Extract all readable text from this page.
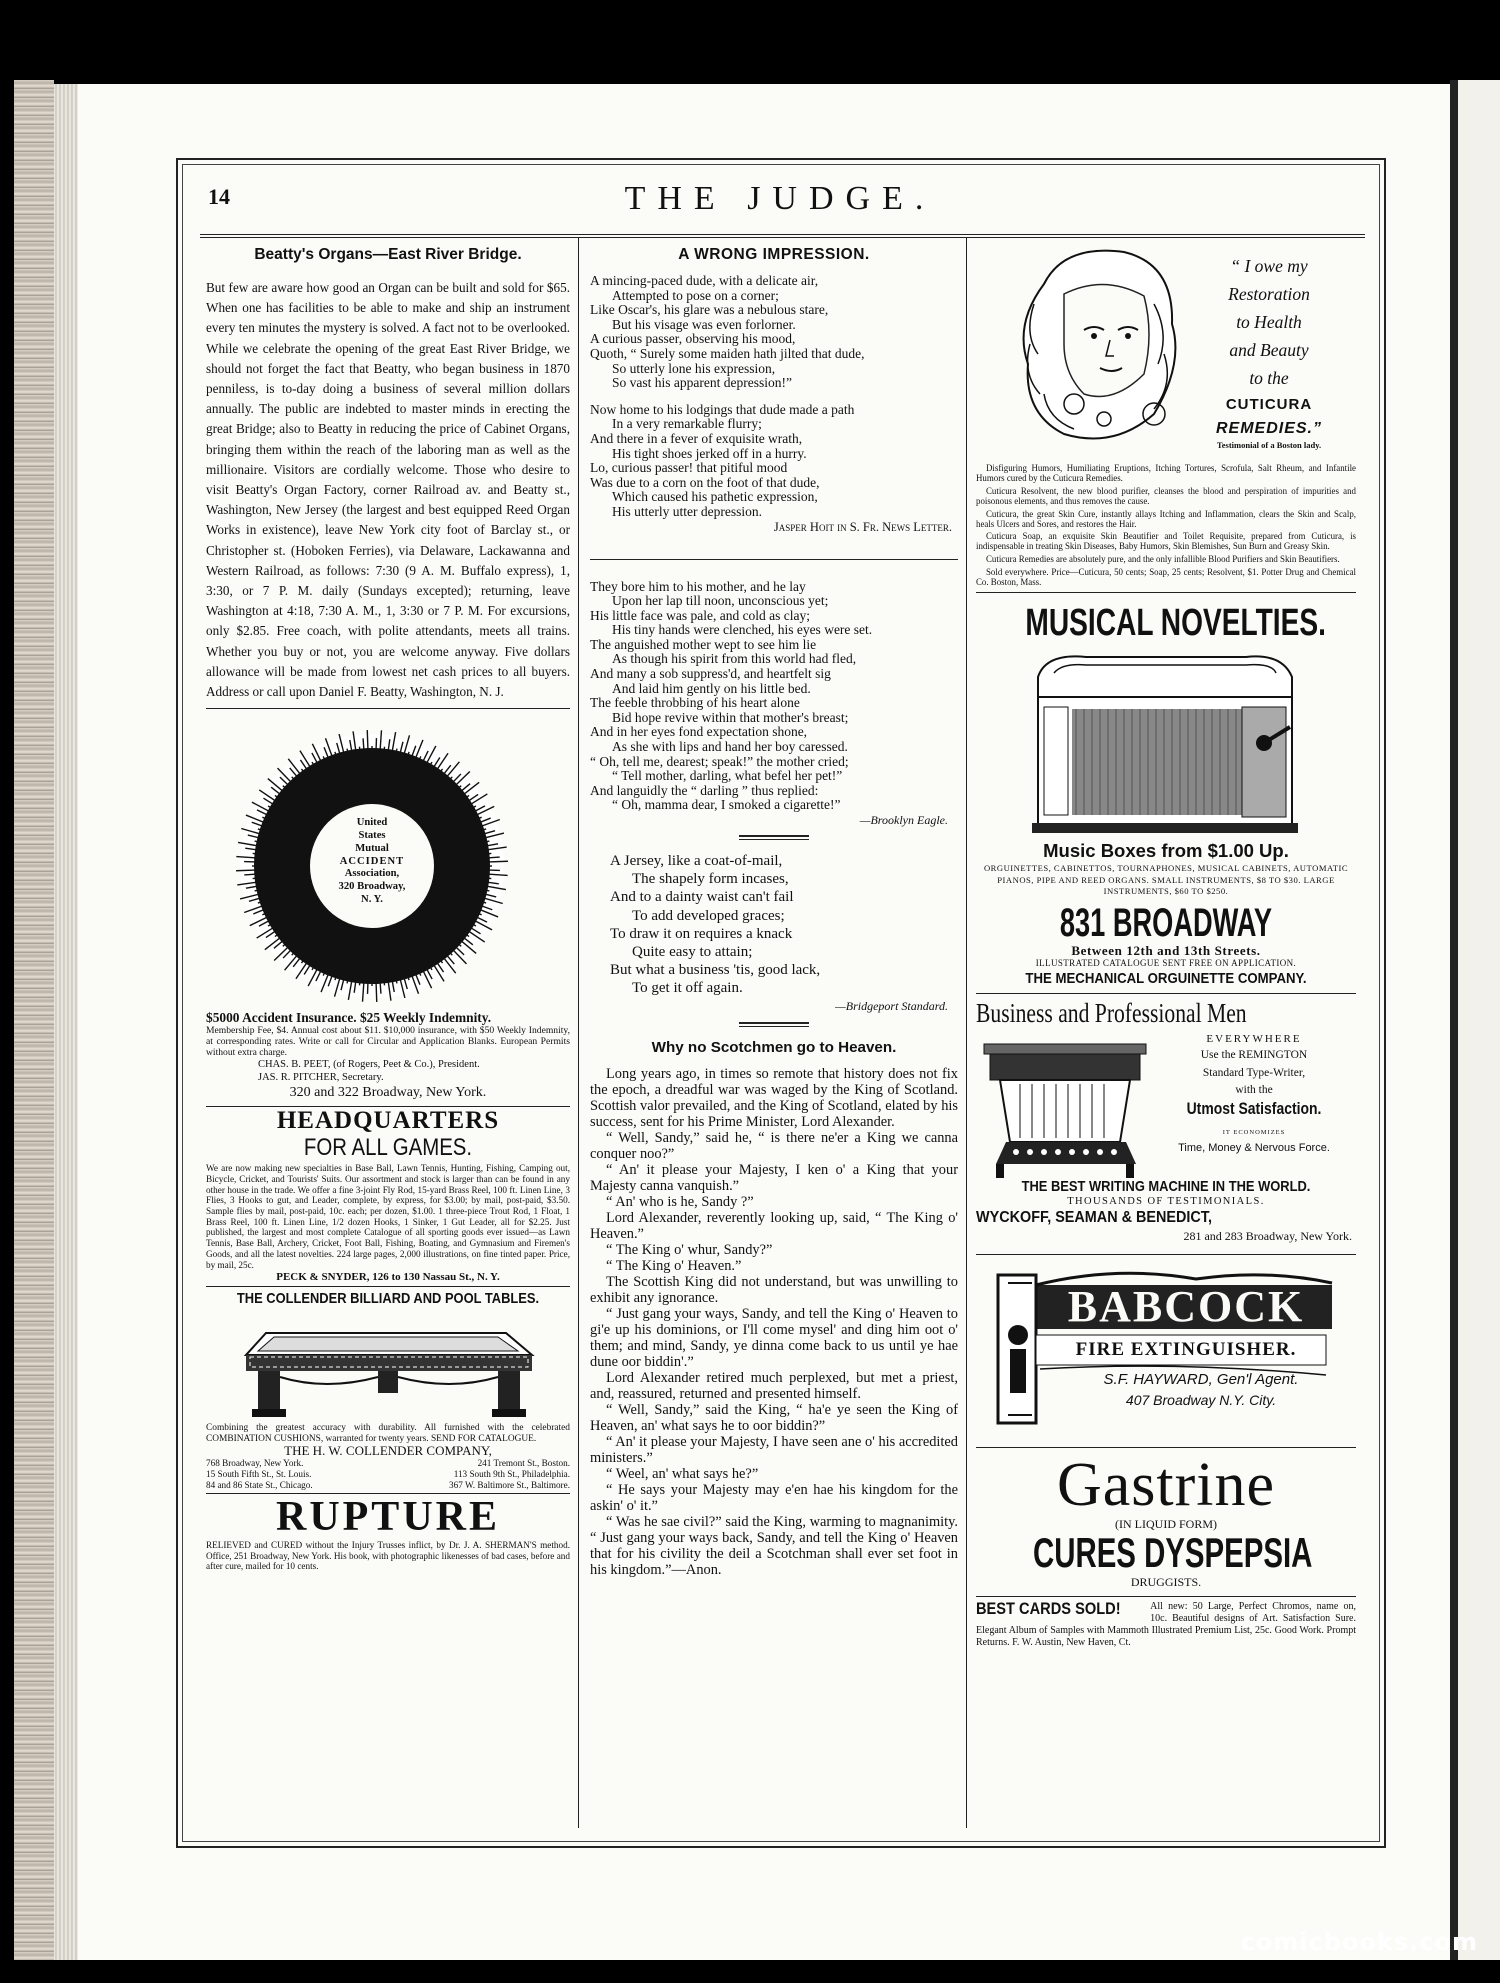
14	THE JUDGE.
Beatty's Organs—East River Bridge.
But few are aware how good an Organ can be built and sold for $65. When one has facilities to be able to make and ship an instrument every ten minutes the mystery is solved. A fact not to be overlooked. While we celebrate the opening of the great East River Bridge, we should not forget the fact that Beatty, who began business in 1870 penniless, is to-day doing a business of several million dollars annually. The public are indebted to master minds in erecting the great Bridge; also to Beatty in reducing the price of Cabinet Organs, bringing them within the reach of the laboring man as well as the millionaire. Visitors are cordially welcome. Those who desire to visit Beatty's Organ Factory, corner Railroad av. and Beatty st., Washington, New Jersey (the largest and best equipped Reed Organ Works in existence), leave New York city foot of Barclay st., or Christopher st. (Hoboken Ferries), via Delaware, Lackawanna and Western Railroad, as follows: 7:30 (9 A. M. Buffalo express), 1, 3:30, or 7 P. M. daily (Sundays excepted); returning, leave Washington at 4:18, 7:30 A. M., 1, 3:30 or 7 P. M. For excursions, only $2.85. Free coach, with polite attendants, meets all trains. Whether you buy or not, you are welcome anyway. Five dollars allowance will be made from lowest net cash prices to all buyers. Address or call upon Daniel F. Beatty, Washington, N. J.
United
States
Mutual
ACCIDENT
Association,
320 Broadway,
N. Y.
$5000 Accident Insurance. $25 Weekly Indemnity.
Membership Fee, $4. Annual cost about $11. $10,000 insurance, with $50 Weekly Indemnity, at corresponding rates. Write or call for Circular and Application Blanks. European Permits without extra charge.
CHAS. B. PEET, (of Rogers, Peet & Co.), President.
JAS. R. PITCHER, Secretary.
320 and 322 Broadway, New York.
HEADQUARTERS
FOR ALL GAMES.
We are now making new specialties in Base Ball, Lawn Tennis, Hunting, Fishing, Camping out, Bicycle, Cricket, and Tourists' Suits. Our assortment and stock is larger than can be found in any other house in the trade. We offer a fine 3-joint Fly Rod, 15-yard Brass Reel, 100 ft. Linen Line, 3 Flies, 3 Hooks to gut, and Leader, complete, by express, for $3.00; by mail, post-paid, $3.50. Sample flies by mail, post-paid, 10c. each; per dozen, $1.00. 1 three-piece Trout Rod, 1 Float, 1 Brass Reel, 100 ft. Linen Line, 1/2 dozen Hooks, 1 Sinker, 1 Gut Leader, all for $2.25. Just published, the largest and most complete Catalogue of all sporting goods ever issued—as Lawn Tennis, Base Ball, Archery, Cricket, Foot Ball, Fishing, Boating, and Gymnasium and Firemen's Goods, and all the latest novelties. 224 large pages, 2,000 illustrations, on fine tinted paper. Price, by mail, 25c.
PECK & SNYDER, 126 to 130 Nassau St., N. Y.
THE COLLENDER BILLIARD AND POOL TABLES.
Combining the greatest accuracy with durability. All furnished with the celebrated COMBINATION CUSHIONS, warranted for twenty years. SEND FOR CATALOGUE.
THE H. W. COLLENDER COMPANY,
768 Broadway, New York.	241 Tremont St., Boston.
15 South Fifth St., St. Louis.	113 South 9th St., Philadelphia.
84 and 86 State St., Chicago.	367 W. Baltimore St., Baltimore.
RUPTURE
RELIEVED and CURED without the Injury Trusses inflict, by Dr. J. A. SHERMAN'S method. Office, 251 Broadway, New York. His book, with photographic likenesses of bad cases, before and after cure, mailed for 10 cents.
A WRONG IMPRESSION.
A mincing-paced dude, with a delicate air,
Attempted to pose on a corner;
Like Oscar's, his glare was a nebulous stare,
But his visage was even forlorner.
A curious passer, observing his mood,
Quoth, “ Surely some maiden hath jilted that dude,
So utterly lone his expression,
So vast his apparent depression!”
Now home to his lodgings that dude made a path
In a very remarkable flurry;
And there in a fever of exquisite wrath,
His tight shoes jerked off in a hurry.
Lo, curious passer! that pitiful mood
Was due to a corn on the foot of that dude,
Which caused his pathetic expression,
His utterly utter depression.
Jasper Hoit in S. Fr. News Letter.
They bore him to his mother, and he lay
Upon her lap till noon, unconscious yet;
His little face was pale, and cold as clay;
His tiny hands were clenched, his eyes were set.
The anguished mother wept to see him lie
As though his spirit from this world had fled,
And many a sob suppress'd, and heartfelt sig
And laid him gently on his little bed.
The feeble throbbing of his heart alone
Bid hope revive within that mother's breast;
And in her eyes fond expectation shone,
As she with lips and hand her boy caressed.
“ Oh, tell me, dearest; speak!” the mother cried;
“ Tell mother, darling, what befel her pet!”
And languidly the “ darling ” thus replied:
“ Oh, mamma dear, I smoked a cigarette!”
—Brooklyn Eagle.
A Jersey, like a coat-of-mail,
The shapely form incases,
And to a dainty waist can't fail
To add developed graces;
To draw it on requires a knack
Quite easy to attain;
But what a business 'tis, good lack,
To get it off again.
—Bridgeport Standard.
Why no Scotchmen go to Heaven.
Long years ago, in times so remote that history does not fix the epoch, a dreadful war was waged by the King of Scotland. Scottish valor prevailed, and the King of Scotland, elated by his success, sent for his Prime Minister, Lord Alexander.
“ Well, Sandy,” said he, “ is there ne'er a King we canna conquer noo?”
“ An' it please your Majesty, I ken o' a King that your Majesty canna vanquish.”
“ An' who is he, Sandy ?”
Lord Alexander, reverently looking up, said, “ The King o' Heaven.”
“ The King o' whur, Sandy?”
“ The King o' Heaven.”
The Scottish King did not understand, but was unwilling to exhibit any ignorance.
“ Just gang your ways, Sandy, and tell the King o' Heaven to gi'e up his dominions, or I'll come mysel' and ding him oot o' them; and mind, Sandy, ye dinna come back to us until ye hae dune oor biddin'.”
Lord Alexander retired much perplexed, but met a priest, and, reassured, returned and presented himself.
“ Well, Sandy,” said the King, “ ha'e ye seen the King of Heaven, an' what says he to oor biddin?”
“ An' it please your Majesty, I have seen ane o' his accredited ministers.”
“ Weel, an' what says he?”
“ He says your Majesty may e'en hae his kingdom for the askin' o' it.”
“ Was he sae civil?” said the King, warming to magnanimity. “ Just gang your ways back, Sandy, and tell the King o' Heaven that for his civility the deil a Scotchman shall ever set foot in his kingdom.”—Anon.
“ I owe my
Restoration
to Health
and Beauty
to the
CUTICURA
REMEDIES.”
Testimonial of a Boston lady.
Disfiguring Humors, Humiliating Eruptions, Itching Tortures, Scrofula, Salt Rheum, and Infantile Humors cured by the Cuticura Remedies.
Cuticura Resolvent, the new blood purifier, cleanses the blood and perspiration of impurities and poisonous elements, and thus removes the cause.
Cuticura, the great Skin Cure, instantly allays Itching and Inflammation, clears the Skin and Scalp, heals Ulcers and Sores, and restores the Hair.
Cuticura Soap, an exquisite Skin Beautifier and Toilet Requisite, prepared from Cuticura, is indispensable in treating Skin Diseases, Baby Humors, Skin Blemishes, Sun Burn and Greasy Skin.
Cuticura Remedies are absolutely pure, and the only infallible Blood Purifiers and Skin Beautifiers.
Sold everywhere. Price—Cuticura, 50 cents; Soap, 25 cents; Resolvent, $1. Potter Drug and Chemical Co. Boston, Mass.
MUSICAL NOVELTIES.
Music Boxes from $1.00 Up.
ORGUINETTES, CABINETTOS, TOURNAPHONES, MUSICAL CABINETS, AUTOMATIC PIANOS, PIPE AND REED ORGANS. SMALL INSTRUMENTS, $8 TO $30. LARGE INSTRUMENTS, $60 TO $250.
831 BROADWAY
Between 12th and 13th Streets.
ILLUSTRATED CATALOGUE SENT FREE ON APPLICATION.
THE MECHANICAL ORGUINETTE COMPANY.
Business and Professional Men
EVERYWHERE
Use the REMINGTON
Standard Type-Writer,
with the
Utmost Satisfaction.
IT ECONOMIZES
Time, Money & Nervous Force.
THE BEST WRITING MACHINE IN THE WORLD.
THOUSANDS OF TESTIMONIALS.
WYCKOFF, SEAMAN & BENEDICT,
281 and 283 Broadway, New York.
BABCOCK
FIRE EXTINGUISHER.
S.F. HAYWARD, Gen'l Agent.
407 Broadway N.Y. City.
Gastrine
(IN LIQUID FORM)
CURES DYSPEPSIA
DRUGGISTS.
BEST CARDS SOLD!	All new: 50 Large, Perfect Chromos, name on, 10c. Beautiful designs of Art. Satisfaction Sure. Elegant Album of Samples with Mammoth Illustrated Premium List, 25c. Good Work. Prompt Returns. F. W. Austin, New Haven, Ct.
comicbooks.com
